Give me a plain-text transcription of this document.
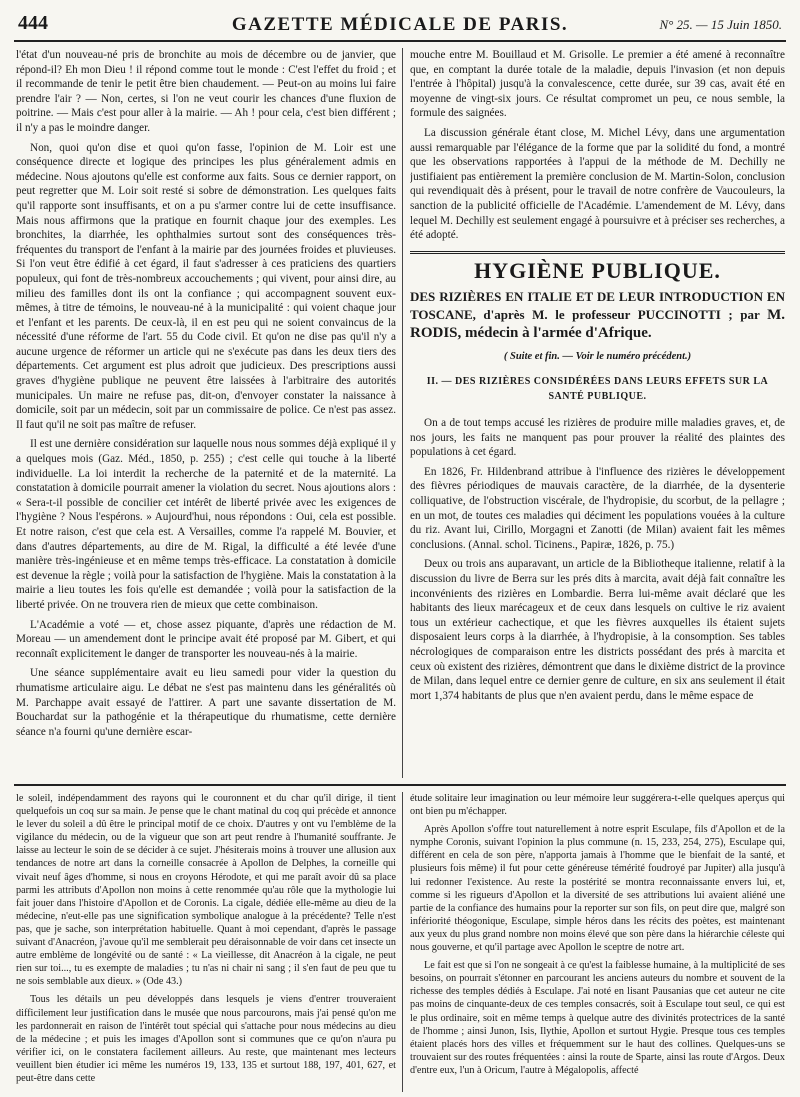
444	GAZETTE MÉDICALE DE PARIS.	N° 25. — 15 Juin 1850.

l'état d'un nouveau-né pris de bronchite au mois de décembre ou de janvier, que répond-il? Eh mon Dieu ! il répond comme tout le monde : C'est l'effet du froid ; et il recommande de tenir le petit être bien chaudement. — Peut-on au moins lui faire prendre l'air ? — Non, certes, si l'on ne veut courir les chances d'une fluxion de poitrine. — Mais c'est pour aller à la mairie. — Ah ! pour cela, c'est bien différent ; il n'y a pas le moindre danger.

Non, quoi qu'on dise et quoi qu'on fasse, l'opinion de M. Loir est une conséquence directe et logique des principes les plus généralement admis en médecine. Nous ajoutons qu'elle est conforme aux faits. Sous ce dernier rapport, on peut regretter que M. Loir soit resté si sobre de démonstration. Les quelques faits qu'il rapporte sont insuffisants, et on a pu s'armer contre lui de cette insuffisance. Mais nous affirmons que la pratique en fournit chaque jour des exemples. Les bronchites, la diarrhée, les ophthalmies surtout sont des conséquences très-fréquentes du transport de l'enfant à la mairie par des journées froides et pluvieuses. Si l'on veut être édifié à cet égard, il faut s'adresser à ces praticiens des quartiers populeux, qui font de très-nombreux accouchements ; qui vivent, pour ainsi dire, au milieu des familles dont ils ont la confiance ; qui accompagnent souvent eux-mêmes, à titre de témoins, le nouveau-né à la municipalité : qui voient chaque jour et l'enfant et les parents. De ceux-là, il en est peu qui ne soient convaincus de la nécessité d'une réforme de l'art. 55 du Code civil. Et qu'on ne dise pas qu'il n'y a aucune urgence de réformer un article qui ne s'exécute pas dans les deux tiers des départements. Cet argument est plus adroit que judicieux. Des prescriptions aussi graves d'hygiène publique ne peuvent être laissées à l'arbitraire des autorités municipales. Un maire ne refuse pas, dit-on, d'envoyer constater la naissance à domicile, soit par un médecin, soit par un commissaire de police. Ce n'est pas assez. Il faut qu'il ne soit pas maître de refuser.

Il est une dernière considération sur laquelle nous nous sommes déjà expliqué il y a quelques mois (Gaz. Méd., 1850, p. 255) ; c'est celle qui touche à la liberté individuelle. La loi interdit la recherche de la paternité et de la maternité. La constatation à domicile pourrait amener la violation du secret. Nous ajoutions alors : « Sera-t-il possible de concilier cet intérêt de liberté privée avec les exigences de l'hygiène ? Nous l'espérons. » Aujourd'hui, nous répondons : Oui, cela est possible. Et notre raison, c'est que cela est. A Versailles, comme l'a rappelé M. Bouvier, et dans d'autres départements, au dire de M. Rigal, la difficulté a été levée d'une manière très-ingénieuse et en même temps très-efficace. La constatation à domicile est devenue la règle ; voilà pour la satisfaction de l'hygiène. Mais la constatation à la mairie a lieu toutes les fois qu'elle est demandée ; voilà pour la satisfaction de la liberté privée. On ne trouvera rien de mieux que cette combinaison.

L'Académie a voté — et, chose assez piquante, d'après une rédaction de M. Moreau — un amendement dont le principe avait été proposé par M. Gibert, et qui reconnaît explicitement le danger de transporter les nouveau-nés à la mairie.

Une séance supplémentaire avait eu lieu samedi pour vider la question du rhumatisme articulaire aigu. Le débat ne s'est pas maintenu dans les généralités où M. Parchappe avait essayé de l'attirer. A part une savante dissertation de M. Bouchardat sur la pathogénie et la thérapeutique du rhumatisme, cette dernière séance n'a fourni qu'une dernière escar-

mouche entre M. Bouillaud et M. Grisolle. Le premier a été amené à reconnaître que, en comptant la durée totale de la maladie, depuis l'invasion (et non depuis l'entrée à l'hôpital) jusqu'à la convalescence, cette durée, sur 39 cas, avait été en moyenne de vingt-six jours. Ce résultat compromet un peu, ce nous semble, la formule des saignées.

La discussion générale étant close, M. Michel Lévy, dans une argumentation aussi remarquable par l'élégance de la forme que par la solidité du fond, a montré que les observations rapportées à l'appui de la méthode de M. Dechilly ne justifiaient pas entièrement la première conclusion de M. Martin-Solon, conclusion qui revendiquait dès à présent, pour le travail de notre confrère de Vaucouleurs, la sanction de la publicité officielle de l'Académie. L'amendement de M. Lévy, dans lequel M. Dechilly est seulement engagé à poursuivre et à préciser ses recherches, a été adopté.

HYGIÈNE PUBLIQUE.
DES RIZIÈRES EN ITALIE ET DE LEUR INTRODUCTION EN TOSCANE, d'après M. le professeur PUCCINOTTI ; par M. RODIS, médecin à l'armée d'Afrique.
( Suite et fin. — Voir le numéro précédent.)
II. — DES RIZIÈRES CONSIDÉRÉES DANS LEURS EFFETS SUR LA SANTÉ PUBLIQUE.

On a de tout temps accusé les rizières de produire mille maladies graves, et, de nos jours, les faits ne manquent pas pour prouver la réalité des plaintes des populations à cet égard.

En 1826, Fr. Hildenbrand attribue à l'influence des rizières le développement des fièvres périodiques de mauvais caractère, de la diarrhée, de la dysenterie colliquative, de l'obstruction viscérale, de l'hydropisie, du scorbut, de la pellagre ; en un mot, de toutes ces maladies qui déciment les populations vouées à la culture du riz. Avant lui, Cirillo, Morgagni et Zanotti (de Milan) avaient fait les mêmes conclusions. (Annal. schol. Ticinens., Papiræ, 1826, p. 75.)

Deux ou trois ans auparavant, un article de la Bibliotheque italienne, relatif à la discussion du livre de Berra sur les prés dits à marcita, avait déjà fait connaître les inconvénients des rizières en Lombardie. Berra lui-même avait déclaré que les habitants des lieux marécageux et de ceux dans lesquels on cultive le riz avaient tous un extérieur cachectique, et que les fièvres auxquelles ils étaient sujets disposaient leurs corps à la diarrhée, à l'hydropisie, à la consomption. Ses tables nécrologiques de comparaison entre les districts possédant des prés à marcita et ceux où existent des rizières, démontrent que dans le dixième district de la province de Milan, dans lequel entre ce dernier genre de culture, en six ans seulement il était mort 1,374 habitants de plus que n'en avaient perdu, dans le même espace de

le soleil, indépendamment des rayons qui le couronnent et du char qu'il dirige, il tient quelquefois un coq sur sa main. Je pense que le chant matinal du coq qui précède et annonce le lever du soleil a dû être le principal motif de ce choix. D'autres y ont vu l'emblème de la vigilance du médecin, ou de la vigueur que son art peut rendre à l'humanité souffrante. Je laisse au lecteur le soin de se décider à ce sujet. J'hésiterais moins à trouver une allusion aux tendances de notre art dans la corneille consacrée à Apollon de Delphes, la corneille qui vivait neuf âges d'homme, si nous en croyons Hérodote, et qui me paraît avoir dû sa place parmi les attributs d'Apollon non moins à cette renommée qu'au rôle que la mythologie lui fait jouer dans l'histoire d'Apollon et de Coronis. La cigale, dédiée elle-même au dieu de la médecine, n'eut-elle pas une signification symbolique analogue à la précédente? Telle n'est pas, que je sache, son interprétation habituelle. Quant à moi cependant, d'après le passage suivant d'Anacréon, j'avoue qu'il me semblerait peu déraisonnable de voir dans cet insecte un autre emblème de longévité ou de santé : « La vieillesse, dit Anacréon à la cigale, ne peut rien sur toi..., tu es exempte de maladies ; tu n'as ni chair ni sang ; il s'en faut de peu que tu ne sois semblable aux dieux. » (Ode 43.)

Tous les détails un peu développés dans lesquels je viens d'entrer trouveraient difficilement leur justification dans le musée que nous parcourons, mais j'ai pensé qu'on me les pardonnerait en raison de l'intérêt tout spécial qui s'attache pour nous médecins au dieu de la médecine ; et puis les images d'Apollon sont si communes que ce qu'on n'aura pu vérifier ici, on le constatera facilement ailleurs. Au reste, que maintenant mes lecteurs veuillent bien étudier ici même les numéros 19, 133, 135 et surtout 188, 197, 401, 627, et peut-être dans cette

étude solitaire leur imagination ou leur mémoire leur suggérera-t-elle quelques aperçus qui ont bien pu m'échapper.

Après Apollon s'offre tout naturellement à notre esprit Esculape, fils d'Apollon et de la nymphe Coronis, suivant l'opinion la plus commune (n. 15, 233, 254, 275), Esculape qui, différent en cela de son père, n'apporta jamais à l'homme que le bienfait de la santé, et plusieurs fois même) il fut pour cette généreuse témérité foudroyé par Jupiter) alla jusqu'à lui redonner l'existence. Au reste la postérité se montra reconnaissante envers lui, et, comme si les rigueurs d'Apollon et la diversité de ses attributions lui avaient aliéné une partie de la confiance des humains pour la reporter sur son fils, on peut dire que, malgré son infériorité théogonique, Esculape, simple héros dans les récits des poètes, est maintenant aux yeux du plus grand nombre non moins élevé que son père dans la hiérarchie céleste qui nous gouverne, et qu'il partage avec Apollon le sceptre de notre art.

Le fait est que si l'on ne songeait à ce qu'est la faiblesse humaine, à la multiplicité de ses besoins, on pourrait s'étonner en parcourant les anciens auteurs du nombre et souvent de la richesse des temples dédiés à Esculape. J'ai noté en lisant Pausanias que cet auteur ne cite pas moins de cinquante-deux de ces temples consacrés, soit à Esculape tout seul, ce qui est le plus ordinaire, soit en même temps à quelque autre des divinités protectrices de la santé de l'homme ; ainsi Junon, Isis, Ilythie, Apollon et surtout Hygie. Presque tous ces temples étaient placés hors des villes et fréquemment sur le haut des collines. Quelques-uns se trouvaient sur des routes fréquentées : ainsi la route de Sparte, ainsi las route d'Argos. Deux d'entre eux, l'un à Oricum, l'autre à Mégalopolis, affecté
